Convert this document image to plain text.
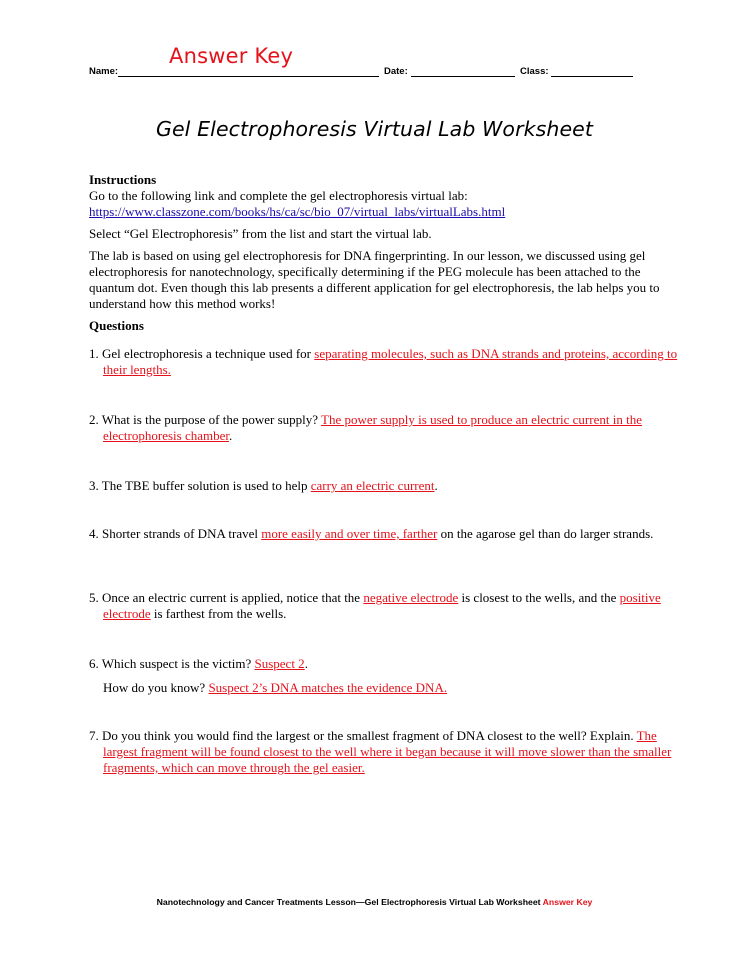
Name:	Date:	Class:
Answer Key
Gel Electrophoresis Virtual Lab Worksheet

Instructions

Go to the following link and complete the gel electrophoresis virtual lab:

https://www.classzone.com/books/hs/ca/sc/bio_07/virtual_labs/virtualLabs.html

Select “Gel Electrophoresis” from the list and start the virtual lab.

The lab is based on using gel electrophoresis for DNA fingerprinting. In our lesson, we discussed using gel electrophoresis for nanotechnology, specifically determining if the PEG molecule has been attached to the quantum dot. Even though this lab presents a different application for gel electrophoresis, the lab helps you to understand how this method works!

Questions

1. Gel electrophoresis a technique used for separating molecules, such as DNA strands and proteins, according to their lengths.

2. What is the purpose of the power supply? The power supply is used to produce an electric current in the electrophoresis chamber.

3. The TBE buffer solution is used to help carry an electric current.

4. Shorter strands of DNA travel more easily and over time, farther on the agarose gel than do larger strands.

5. Once an electric current is applied, notice that the negative electrode is closest to the wells, and the positive electrode is farthest from the wells.

6. Which suspect is the victim? Suspect 2.

How do you know? Suspect 2’s DNA matches the evidence DNA.

7. Do you think you would find the largest or the smallest fragment of DNA closest to the well? Explain. The largest fragment will be found closest to the well where it began because it will move slower than the smaller fragments, which can move through the gel easier.

Nanotechnology and Cancer Treatments Lesson—Gel Electrophoresis Virtual Lab Worksheet Answer Key
